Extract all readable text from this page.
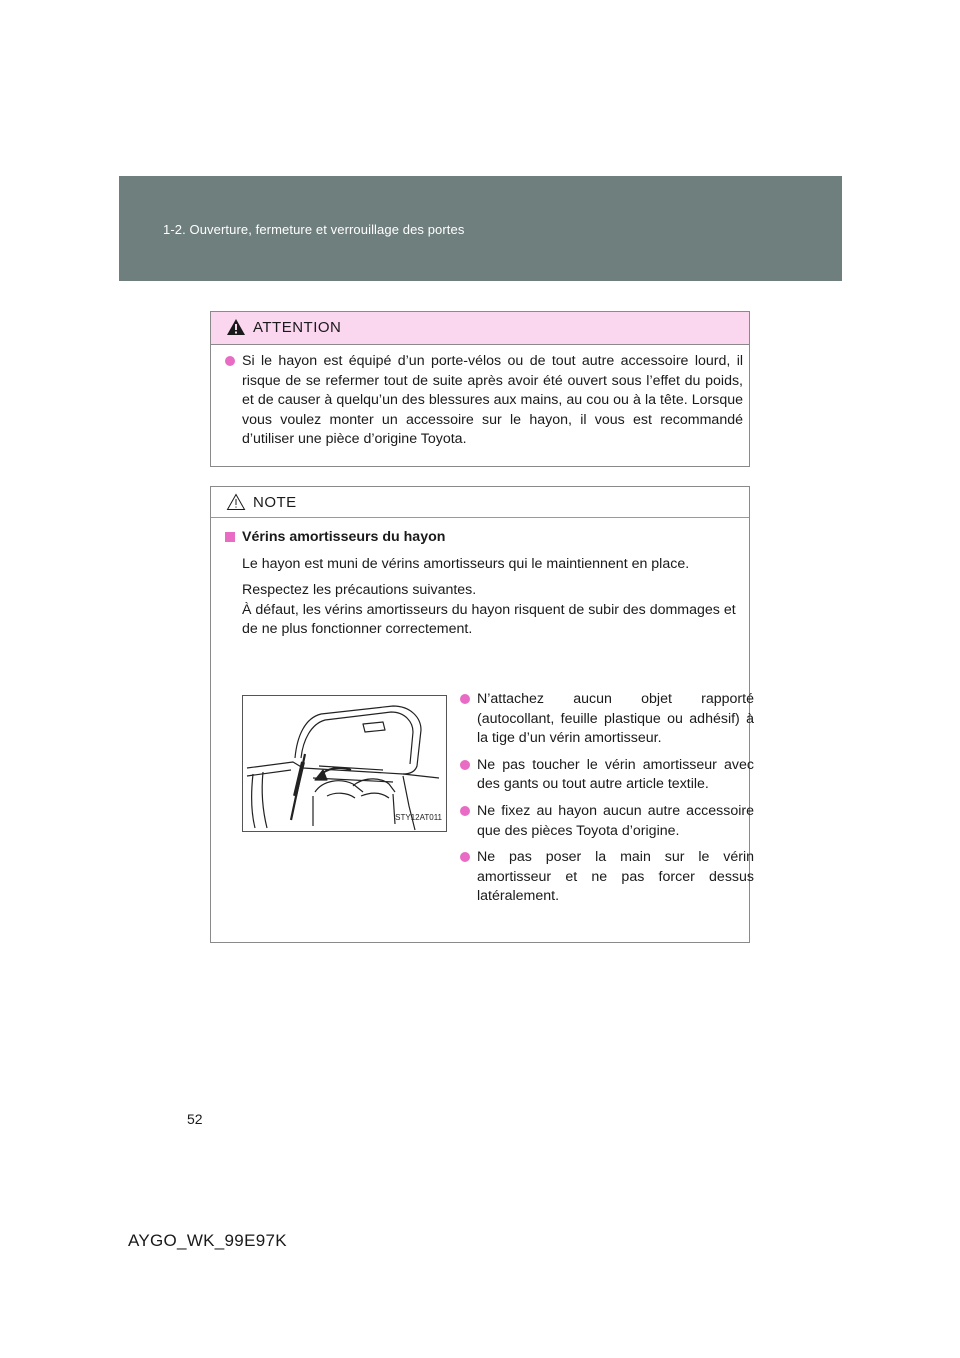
1-2. Ouverture, fermeture et verrouillage des portes
ATTENTION
Si le hayon est équipé d’un porte-vélos ou de tout autre accessoire lourd, il risque de se refermer tout de suite après avoir été ouvert sous l’effet du poids, et de causer à quelqu’un des blessures aux mains, au cou ou à la tête. Lorsque vous voulez monter un accessoire sur le hayon, il vous est recommandé d’utiliser une pièce d’origine Toyota.
NOTE
Vérins amortisseurs du hayon
Le hayon est muni de vérins amortisseurs qui le maintiennent en place.
Respectez les précautions suivantes.
À défaut, les vérins amortisseurs du hayon risquent de subir des dommages et de ne plus fonctionner correctement.
STY12AT011
N’attachez aucun objet rapporté (autocollant, feuille plastique ou adhésif) à la tige d’un vérin amortisseur.
Ne pas toucher le vérin amortisseur avec des gants ou tout autre article textile.
Ne fixez au hayon aucun autre accessoire que des pièces Toyota d’origine.
Ne pas poser la main sur le vérin amortisseur et ne pas forcer dessus latéralement.
52
AYGO_WK_99E97K
